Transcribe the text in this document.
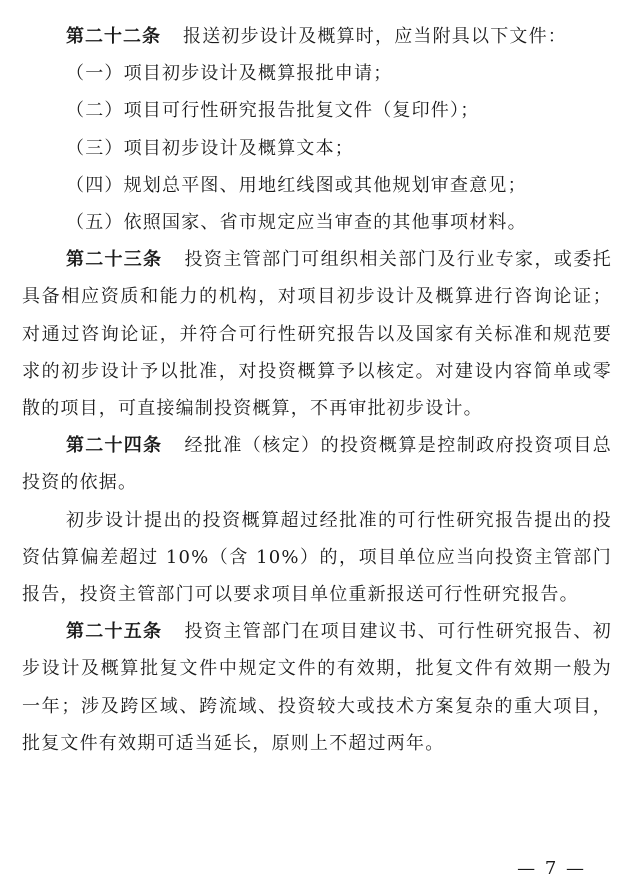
第二十二条 报送初步设计及概算时，应当附具以下文件：

（一）项目初步设计及概算报批申请；

（二）项目可行性研究报告批复文件（复印件）；

（三）项目初步设计及概算文本；

（四）规划总平图、用地红线图或其他规划审查意见；

（五）依照国家、省市规定应当审查的其他事项材料。

第二十三条 投资主管部门可组织相关部门及行业专家，或委托具备相应资质和能力的机构，对项目初步设计及概算进行咨询论证；对通过咨询论证，并符合可行性研究报告以及国家有关标准和规范要求的初步设计予以批准，对投资概算予以核定。对建设内容简单或零散的项目，可直接编制投资概算，不再审批初步设计。

第二十四条 经批准（核定）的投资概算是控制政府投资项目总投资的依据。

初步设计提出的投资概算超过经批准的可行性研究报告提出的投资估算偏差超过 10%（含 10%）的，项目单位应当向投资主管部门报告，投资主管部门可以要求项目单位重新报送可行性研究报告。

第二十五条 投资主管部门在项目建议书、可行性研究报告、初步设计及概算批复文件中规定文件的有效期，批复文件有效期一般为一年；涉及跨区域、跨流域、投资较大或技术方案复杂的重大项目，批复文件有效期可适当延长，原则上不超过两年。

— 7 —
